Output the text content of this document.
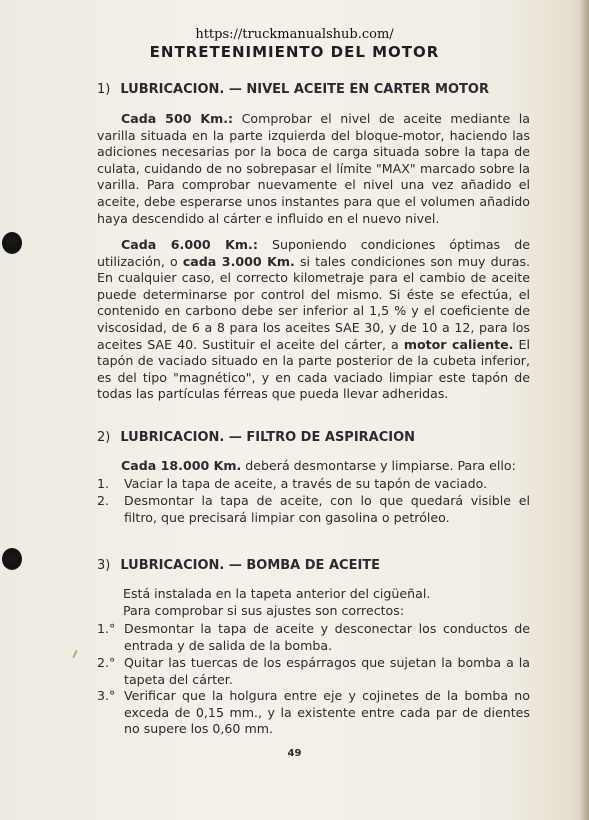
https://truckmanualshub.com/
ENTRETENIMIENTO DEL MOTOR
1) LUBRICACION. — NIVEL ACEITE EN CARTER MOTOR
Cada 500 Km.: Comprobar el nivel de aceite mediante la varilla situada en la parte izquierda del bloque-motor, haciendo las adiciones necesarias por la boca de carga situada sobre la tapa de culata, cuidando de no sobrepasar el límite "MAX" marcado sobre la varilla. Para comprobar nuevamente el nivel una vez añadido el aceite, debe esperarse unos instantes para que el volumen añadido haya descendido al cárter e influido en el nuevo nivel.
Cada 6.000 Km.: Suponiendo condiciones óptimas de utilización, o cada 3.000 Km. si tales condiciones son muy duras. En cualquier caso, el correcto kilometraje para el cambio de aceite puede determinarse por control del mismo. Si éste se efectúa, el contenido en carbono debe ser inferior al 1,5 % y el coeficiente de viscosidad, de 6 a 8 para los aceites SAE 30, y de 10 a 12, para los aceites SAE 40. Sustituir el aceite del cárter, a motor caliente. El tapón de vaciado situado en la parte posterior de la cubeta inferior, es del tipo "magnético", y en cada vaciado limpiar este tapón de todas las partículas férreas que pueda llevar adheridas.
2) LUBRICACION. — FILTRO DE ASPIRACION
Cada 18.000 Km. deberá desmontarse y limpiarse. Para ello:
1.	Vaciar la tapa de aceite, a través de su tapón de vaciado.
2.	Desmontar la tapa de aceite, con lo que quedará visible el filtro, que precisará limpiar con gasolina o petróleo.
3) LUBRICACION. — BOMBA DE ACEITE
Está instalada en la tapeta anterior del cigüeñal.
Para comprobar si sus ajustes son correctos:
1.° Desmontar la tapa de aceite y desconectar los conductos de entrada y de salida de la bomba.
2.° Quitar las tuercas de los espárragos que sujetan la bomba a la tapeta del cárter.
3.° Verificar que la holgura entre eje y cojinetes de la bomba no exceda de 0,15 mm., y la existente entre cada par de dientes no supere los 0,60 mm.
49
